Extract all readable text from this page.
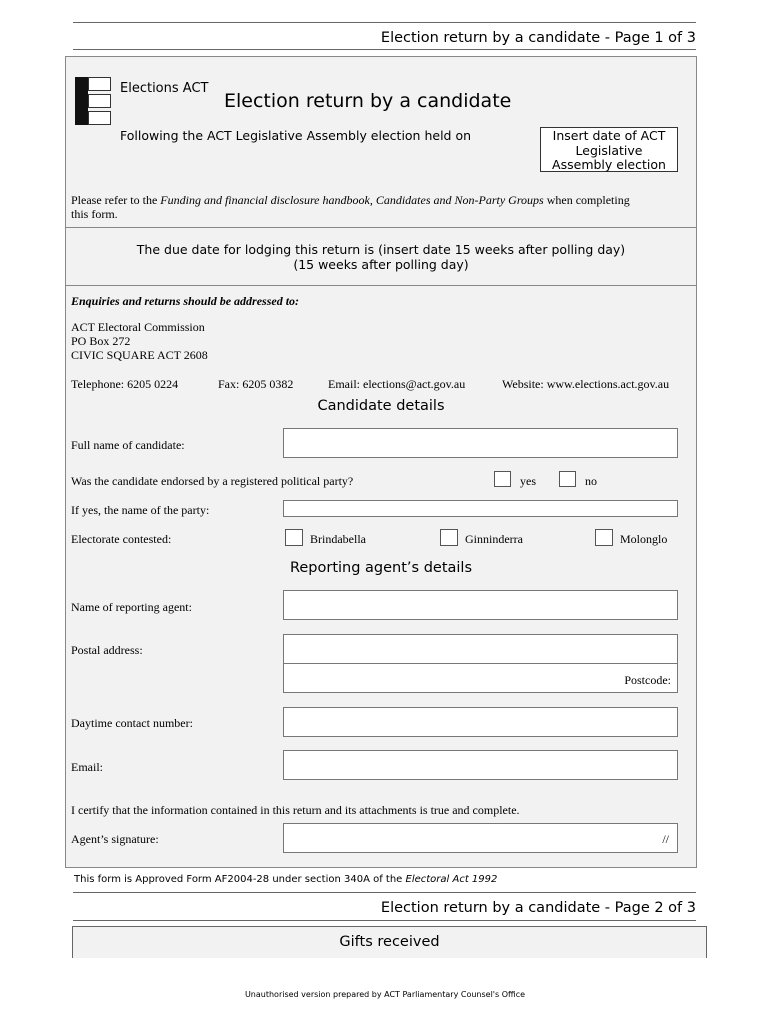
Election return by a candidate - Page 1 of 3
Elections ACT
Election return by a candidate
Following the ACT Legislative Assembly election held on	Insert date of ACT
Legislative
Assembly election
Please refer to the Funding and financial disclosure handbook, Candidates and Non-Party Groups when completing
this form.
The due date for lodging this return is (insert date 15 weeks after polling day)
(15 weeks after polling day)
Enquiries and returns should be addressed to:
ACT Electoral Commission
PO Box 272
CIVIC SQUARE ACT 2608
Telephone: 6205 0224	Fax: 6205 0382	Email: elections@act.gov.au	Website: www.elections.act.gov.au
Candidate details
Full name of candidate:
Was the candidate endorsed by a registered political party?	yes	no
If yes, the name of the party:
Electorate contested:	Brindabella	Ginninderra	Molonglo
Reporting agent’s details
Name of reporting agent:
Postal address:
Postcode:
Daytime contact number:
Email:
I certify that the information contained in this return and its attachments is true and complete.
Agent’s signature:	//
This form is Approved Form AF2004-28 under section 340A of the Electoral Act 1992
Election return by a candidate - Page 2 of 3
Gifts received
Unauthorised version prepared by ACT Parliamentary Counsel's Office
